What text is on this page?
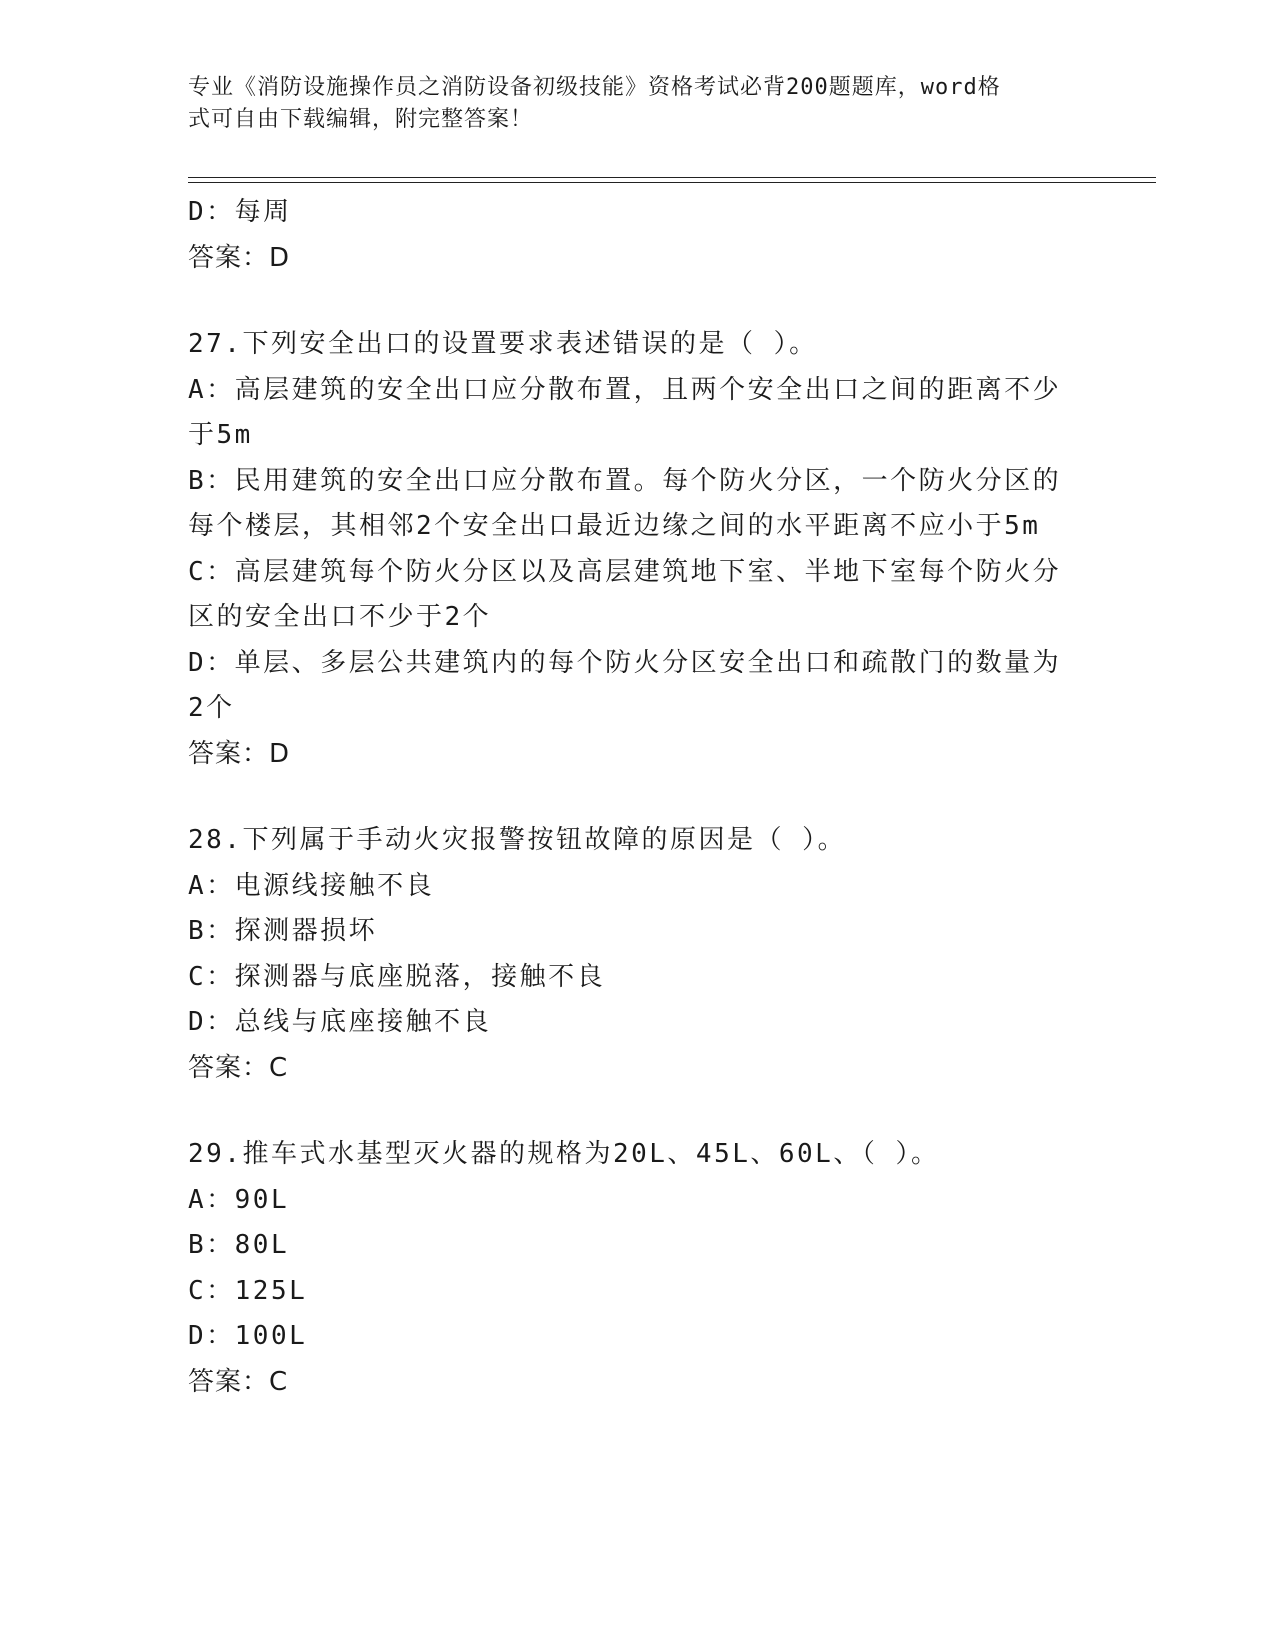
专业《消防设施操作员之消防设备初级技能》资格考试必背200题题库，word格
式可自由下载编辑，附完整答案！
D：每周
答案：D
27.下列安全出口的设置要求表述错误的是（ ）。
A：高层建筑的安全出口应分散布置，且两个安全出口之间的距离不少
于5m
B：民用建筑的安全出口应分散布置。每个防火分区，一个防火分区的
每个楼层，其相邻2个安全出口最近边缘之间的水平距离不应小于5m
C：高层建筑每个防火分区以及高层建筑地下室、半地下室每个防火分
区的安全出口不少于2个
D：单层、多层公共建筑内的每个防火分区安全出口和疏散门的数量为
2个
答案：D
28.下列属于手动火灾报警按钮故障的原因是（ ）。
A：电源线接触不良
B：探测器损坏
C：探测器与底座脱落，接触不良
D：总线与底座接触不良
答案：C
29.推车式水基型灭火器的规格为20L、45L、60L、（ ）。
A：90L
B：80L
C：125L
D：100L
答案：C
